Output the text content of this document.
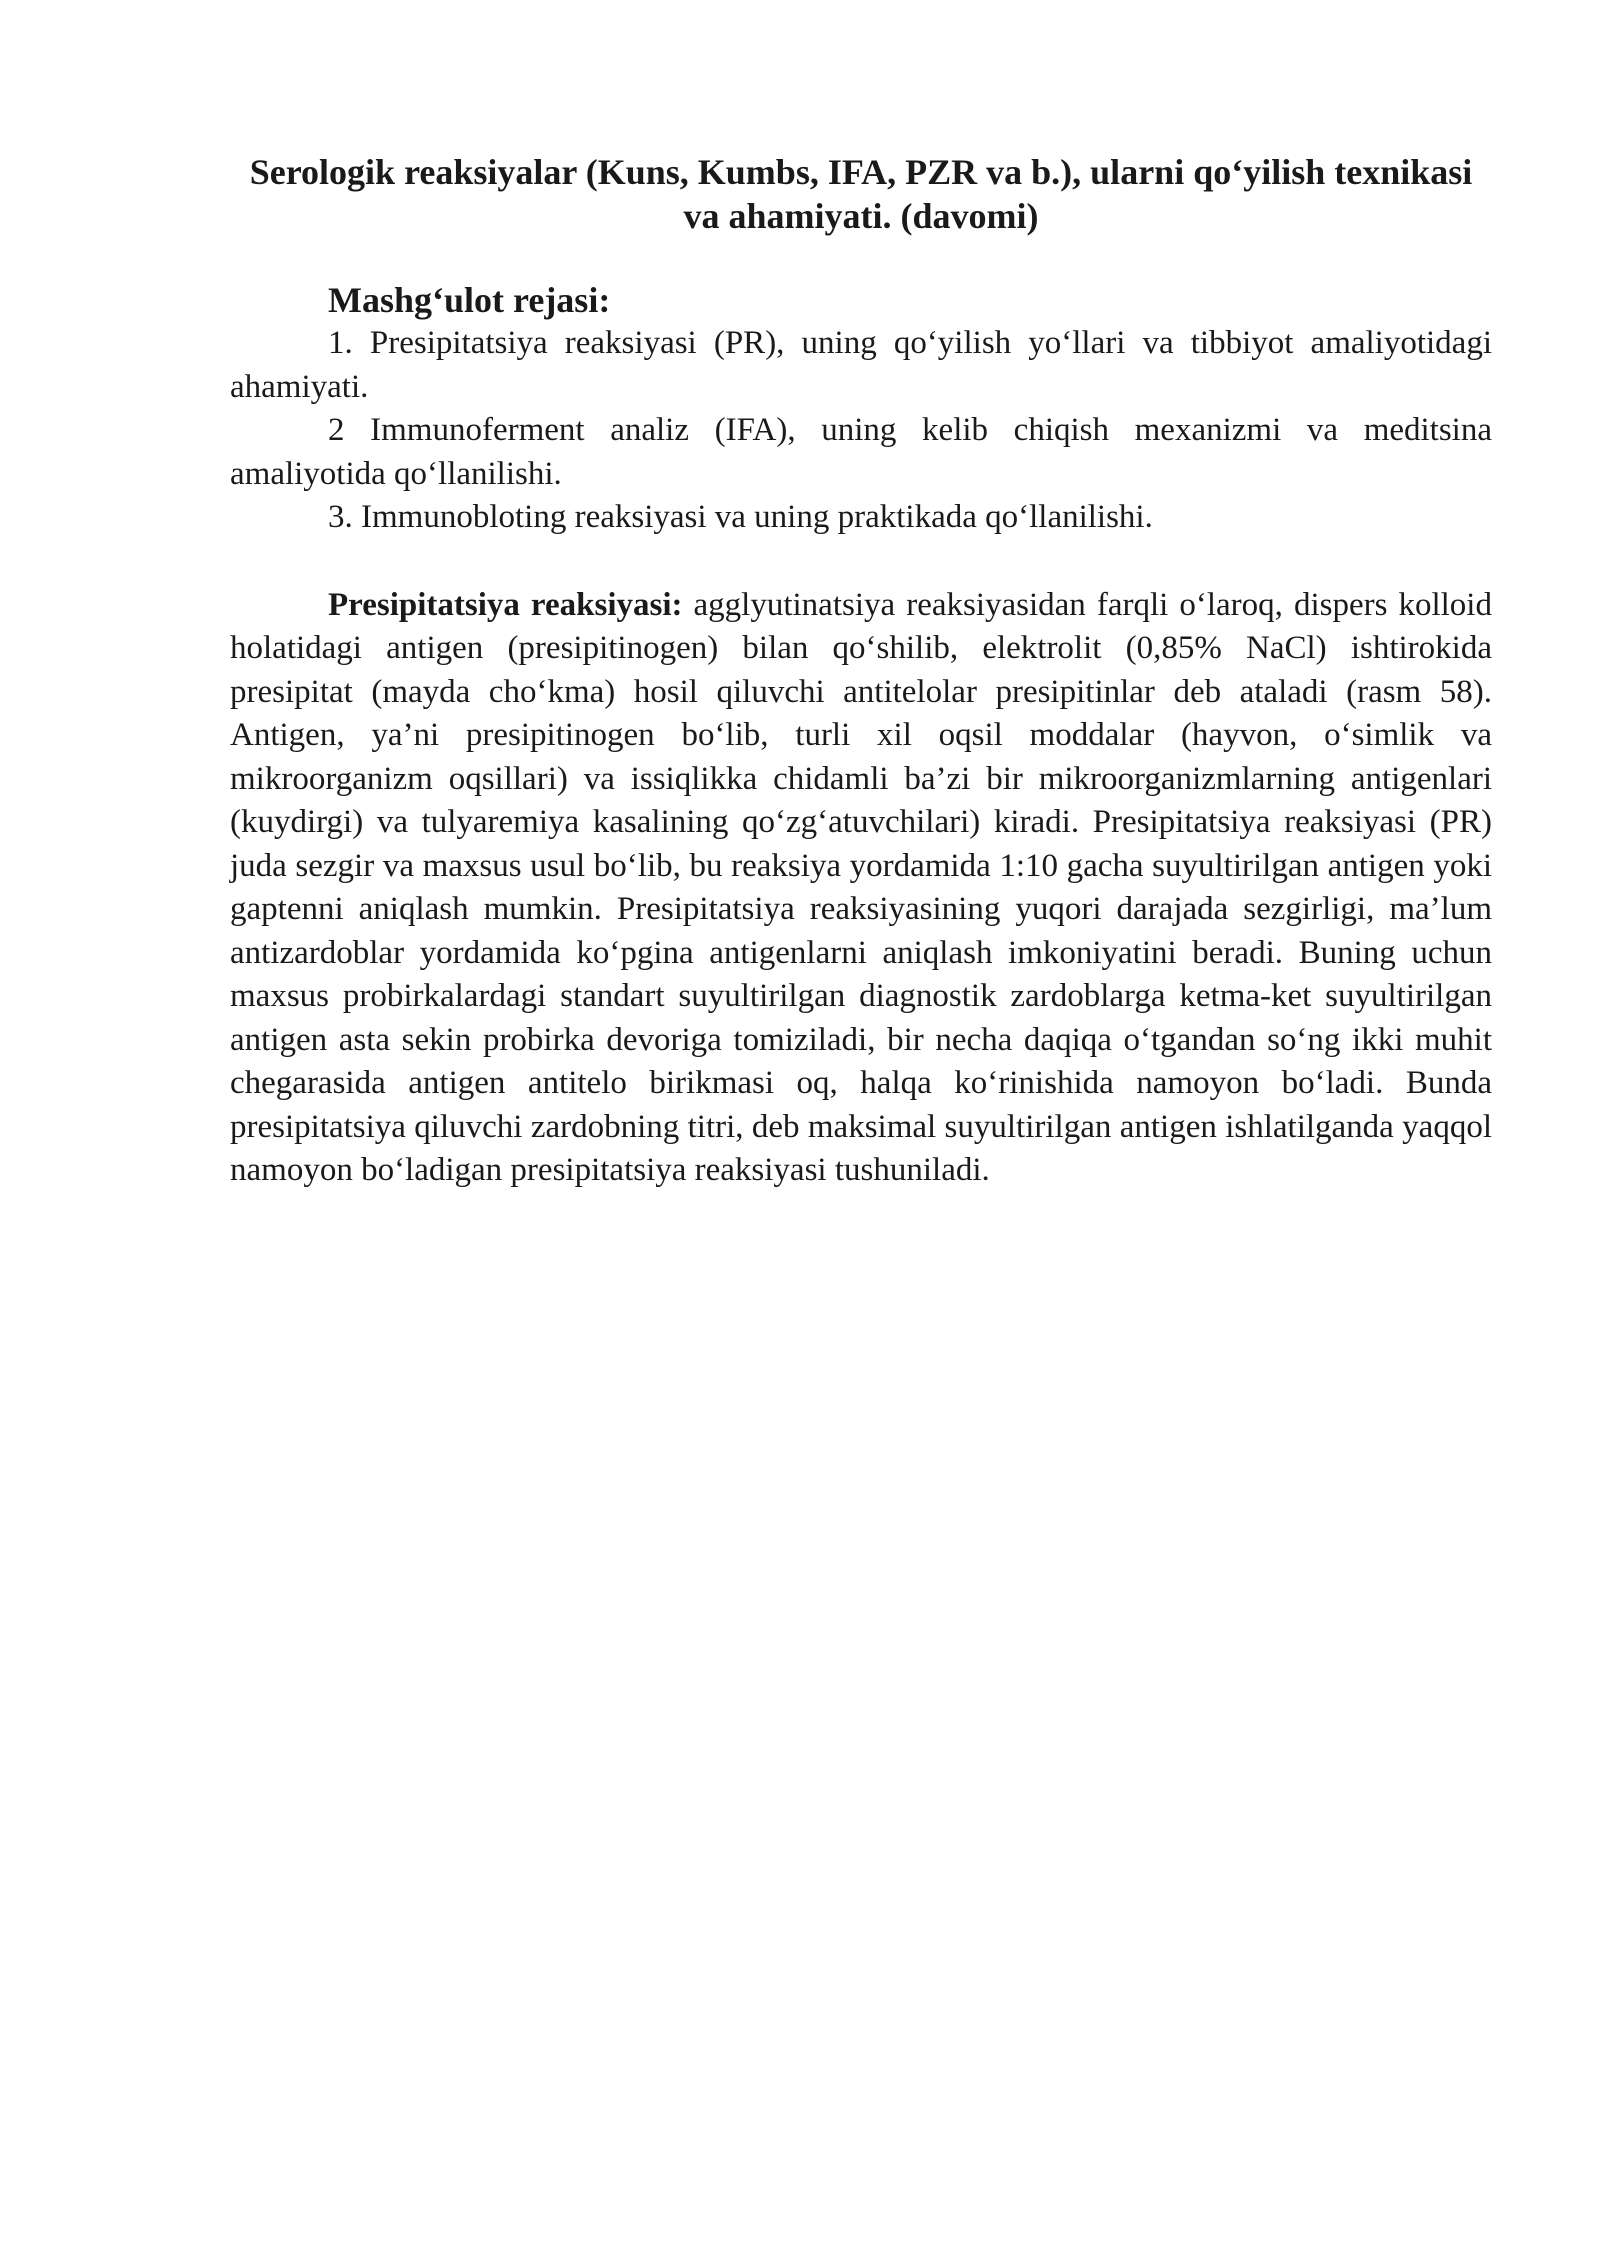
Serologik reaksiyalar (Kuns, Kumbs, IFA, PZR va b.), ularni qo‘yilish texnikasi va ahamiyati. (davomi)

Mashg‘ulot rejasi:

1. Presipitatsiya reaksiyasi (PR), uning qo‘yilish yo‘llari va tibbiyot amaliyotidagi ahamiyati.

2 Immunoferment analiz (IFA), uning kelib chiqish mexanizmi va meditsina amaliyotida qo‘llanilishi.

3. Immunobloting reaksiyasi va uning praktikada qo‘llanilishi.

Presipitatsiya reaksiyasi: agglyutinatsiya reaksiyasidan farqli o‘laroq, dispers kolloid holatidagi antigen (presipitinogen) bilan qo‘shilib, elektrolit (0,85% NaCl) ishtirokida presipitat (mayda cho‘kma) hosil qiluvchi antitelolar presipitinlar deb ataladi (rasm 58). Antigen, ya’ni presipitinogen bo‘lib, turli xil oqsil moddalar (hayvon, o‘simlik va mikroorganizm oqsillari) va issiqlikka chidamli ba’zi bir mikroorganizmlarning antigenlari (kuydirgi) va tulyaremiya kasalining qo‘zg‘atuvchilari) kiradi. Presipitatsiya reaksiyasi (PR) juda sezgir va maxsus usul bo‘lib, bu reaksiya yordamida 1:10 gacha suyultirilgan antigen yoki gaptenni aniqlash mumkin. Presipitatsiya reaksiyasining yuqori darajada sezgirligi, ma’lum antizardoblar yordamida ko‘pgina antigenlarni aniqlash imkoniyatini beradi. Buning uchun maxsus probirkalardagi standart suyultirilgan diagnostik zardoblarga ketma-ket suyultirilgan antigen asta sekin probirka devoriga tomiziladi, bir necha daqiqa o‘tgandan so‘ng ikki muhit chegarasida antigen antitelo birikmasi oq, halqa ko‘rinishida namoyon bo‘ladi. Bunda presipitatsiya qiluvchi zardobning titri, deb maksimal suyultirilgan antigen ishlatilganda yaqqol namoyon bo‘ladigan presipitatsiya reaksiyasi tushuniladi.
